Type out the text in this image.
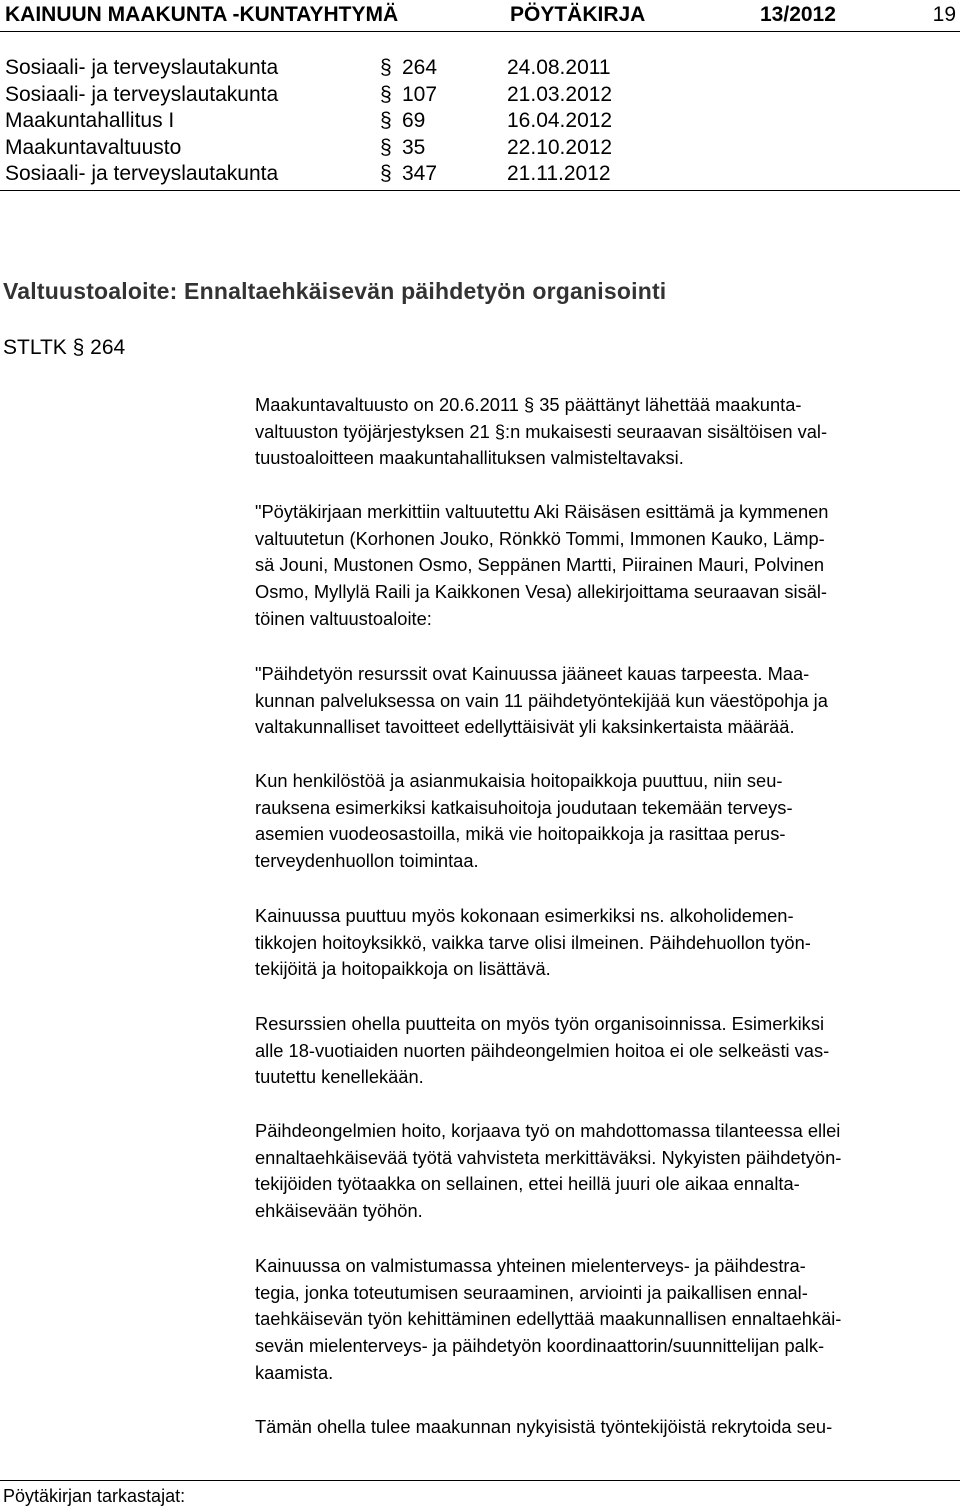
KAINUUN MAAKUNTA -KUNTAYHTYMÄ	PÖYTÄKIRJA	13/2012	19
Sosiaali- ja terveyslautakunta	§ 264	24.08.2011
Sosiaali- ja terveyslautakunta	§ 107	21.03.2012
Maakuntahallitus I	§ 69	16.04.2012
Maakuntavaltuusto	§ 35	22.10.2012
Sosiaali- ja terveyslautakunta	§ 347	21.11.2012
Valtuustoaloite: Ennaltaehkäisevän päihdetyön organisointi
STLTK § 264

Maakuntavaltuusto on 20.6.2011 § 35 päättänyt lähettää maakunta-

valtuuston työjärjestyksen 21 §:n mukaisesti seuraavan sisältöisen val-

tuustoaloitteen maakuntahallituksen valmisteltavaksi.

"Pöytäkirjaan merkittiin valtuutettu Aki Räisäsen esittämä ja kymmenen

valtuutetun (Korhonen Jouko, Rönkkö Tommi, Immonen Kauko, Lämp-

sä Jouni, Mustonen Osmo, Seppänen Martti, Piirainen Mauri, Polvinen

Osmo, Myllylä Raili ja Kaikkonen Vesa) allekirjoittama seuraavan sisäl-

töinen valtuustoaloite:

"Päihdetyön resurssit ovat Kainuussa jääneet kauas tarpeesta. Maa-

kunnan palveluksessa on vain 11 päihdetyöntekijää kun väestöpohja ja

valtakunnalliset tavoitteet edellyttäisivät yli kaksinkertaista määrää.

Kun henkilöstöä ja asianmukaisia hoitopaikkoja puuttuu, niin seu-

rauksena esimerkiksi katkaisuhoitoja joudutaan tekemään terveys-

asemien vuodeosastoilla, mikä vie hoitopaikkoja ja rasittaa perus-

terveydenhuollon toimintaa.

Kainuussa puuttuu myös kokonaan esimerkiksi ns. alkoholidemen-

tikkojen hoitoyksikkö, vaikka tarve olisi ilmeinen. Päihdehuollon työn-

tekijöitä ja hoitopaikkoja on lisättävä.

Resurssien ohella puutteita on myös työn organisoinnissa. Esimerkiksi

alle 18-vuotiaiden nuorten päihdeongelmien hoitoa ei ole selkeästi vas-

tuutettu kenellekään.

Päihdeongelmien hoito, korjaava työ on mahdottomassa tilanteessa ellei

ennaltaehkäisevää työtä vahvisteta merkittäväksi. Nykyisten päihdetyön-

tekijöiden työtaakka on sellainen, ettei heillä juuri ole aikaa ennalta-

ehkäisevään työhön.

Kainuussa on valmistumassa yhteinen mielenterveys- ja päihdestra-

tegia, jonka toteutumisen seuraaminen, arviointi ja paikallisen ennal-

taehkäisevän työn kehittäminen edellyttää maakunnallisen ennaltaehkäi-

sevän mielenterveys- ja päihdetyön koordinaattorin/suunnittelijan palk-

kaamista.

Tämän ohella tulee maakunnan nykyisistä työntekijöistä rekrytoida seu-

Pöytäkirjan tarkastajat:
